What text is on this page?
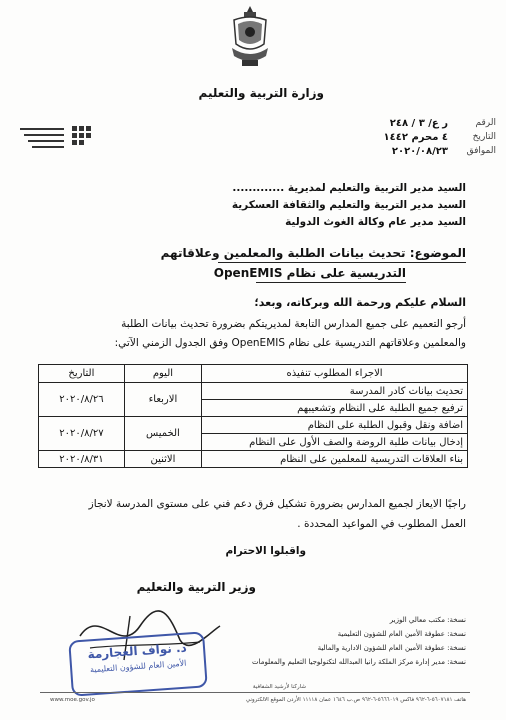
وزارة التربية والتعليم
الرقم
ر ع/ ٣ / ٢٤٨
التاريخ
٤ محرم ١٤٤٢
الموافق
٢٠٢٠/٠٨/٢٣
السيد مدير التربية والتعليم لمديرية .............
السيد مدير التربية والتعليم والثقافة العسكرية
السيد مدير عام وكالة الغوث الدولية
الموضوع: تحديث بيانات الطلبة والمعلمين وعلاقاتهم
التدريسية على نظام OpenEMIS
السلام عليكم ورحمة الله وبركاته، وبعد؛
أرجو التعميم على جميع المدارس التابعة لمديريتكم بضرورة تحديث بيانات الطلبة
والمعلمين وعلاقاتهم التدريسية على نظام OpenEMIS وفق الجدول الزمني الآتي:
الاجراء المطلوب تنفيذه	اليوم	التاريخ
تحديث بيانات كادر المدرسة	الاربعاء	٢٠٢٠/٨/٢٦
ترفيع جميع الطلبة على النظام وتشعيبهم		
اضافة ونقل وقبول الطلبة على النظام	الخميس	٢٠٢٠/٨/٢٧
إدخال بيانات طلبة الروضة والصف الأول على النظام		
بناء العلاقات التدريسية للمعلمين على النظام	الاثنين	٢٠٢٠/٨/٣١
راجيًا الايعاز لجميع المدارس بضرورة تشكيل فرق دعم فني على مستوى المدرسة لانجاز
العمل المطلوب في المواعيد المحددة .
واقبلوا الاحترام
وزير التربية والتعليم
د. نواف العجارمة
الأمين العام للشؤون التعليمية
نسخة: مكتب معالي الوزير
نسخة: عطوفة الأمين العام للشؤون التعليمية
نسخة: عطوفة الأمين العام للشؤون الادارية والمالية
نسخة: مدير إدارة مركز الملكة رانيا العبدالله لتكنولوجيا التعليم والمعلومات
شاركنا لأرشيد الشفافية
هاتف ٥٦٠٧١٨١-٦-٩٦٢ فاكس ٥٦٦٦٠١٩-٦-٩٦٢ ص.ب ١٦٤٦ عمان ١١١١٨ الأردن الموقع الالكتروني
www.moe.gov.jo
